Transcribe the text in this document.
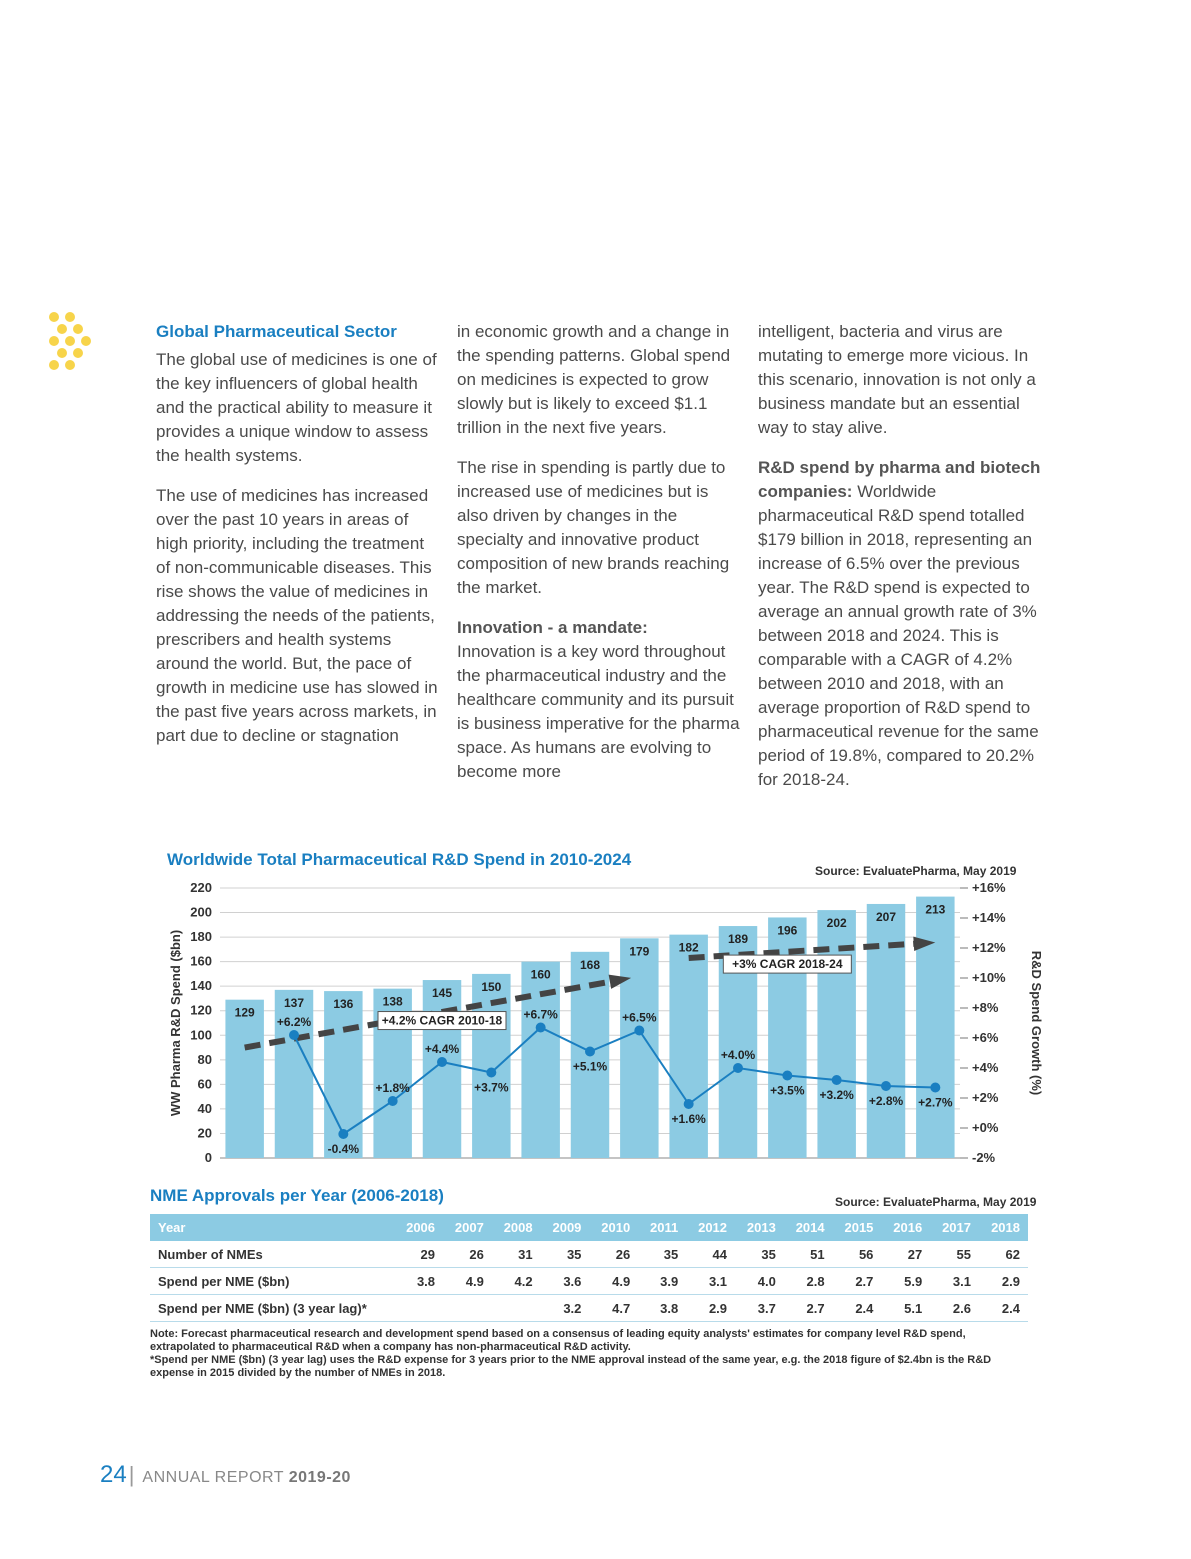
Global Pharmaceutical Sector

The global use of medicines is one of the key influencers of global health and the practical ability to measure it provides a unique window to assess the health systems.

The use of medicines has increased over the past 10 years in areas of high priority, including the treatment of non-communicable diseases. This rise shows the value of medicines in addressing the needs of the patients, prescribers and health systems around the world. But, the pace of growth in medicine use has slowed in the past five years across markets, in part due to decline or stagnation

in economic growth and a change in the spending patterns. Global spend on medicines is expected to grow slowly but is likely to exceed $1.1 trillion in the next five years.

The rise in spending is partly due to increased use of medicines but is also driven by changes in the specialty and innovative product composition of new brands reaching the market.

Innovation - a mandate:
Innovation is a key word throughout the pharmaceutical industry and the healthcare community and its pursuit is business imperative for the pharma space. As humans are evolving to become more

intelligent, bacteria and virus are mutating to emerge more vicious. In this scenario, innovation is not only a business mandate but an essential way to stay alive.

R&D spend by pharma and biotech companies: Worldwide pharmaceutical R&D spend totalled $179 billion in 2018, representing an increase of 6.5% over the previous year. The R&D spend is expected to average an annual growth rate of 3% between 2018 and 2024. This is comparable with a CAGR of 4.2% between 2010 and 2018, with an average proportion of R&D spend to pharmaceutical revenue for the same period of 19.8%, compared to 20.2% for 2018-24.

Worldwide Total Pharmaceutical R&D Spend in 2010-2024
Source: EvaluatePharma, May 2019
0
20
40
60
80
100
120
140
160
180
200
220
-2%
+0%
+2%
+4%
+6%
+8%
+10%
+12%
+14%
+16%
WW Pharma R&D Spend ($bn)	R&D Spend Growth (%)
129
137 136 138
145 150
160
168
179 182
189
196
202 207
213
+4.2% CAGR 2010-18
+3% CAGR 2018-24
+6.2%
-0.4%
+1.8%
+4.4%
+3.7%
+6.7%
+5.1%
+6.5%
+1.6%
+4.0%
+3.5% +3.2% +2.8% +2.7%
NME Approvals per Year (2006-2018)	Source: EvaluatePharma, May 2019
Year	2006	2007	2008	2009	2010	2011	2012	2013	2014	2015	2016	2017	2018
Number of NMEs	29	26	31	35	26	35	44	35	51	56	27	55	62
Spend per NME ($bn)	3.8	4.9	4.2	3.6	4.9	3.9	3.1	4.0	2.8	2.7	5.9	3.1	2.9
Spend per NME ($bn) (3 year lag)*				3.2	4.7	3.8	2.9	3.7	2.7	2.4	5.1	2.6	2.4

Note: Forecast pharmaceutical research and development spend based on a consensus of leading equity analysts' estimates for company level R&D spend, extrapolated to pharmaceutical R&D when a company has non-pharmaceutical R&D activity.

*Spend per NME ($bn) (3 year lag) uses the R&D expense for 3 years prior to the NME approval instead of the same year, e.g. the 2018 figure of $2.4bn is the R&D expense in 2015 divided by the number of NMEs in 2018.

24| ANNUAL REPORT 2019-20
